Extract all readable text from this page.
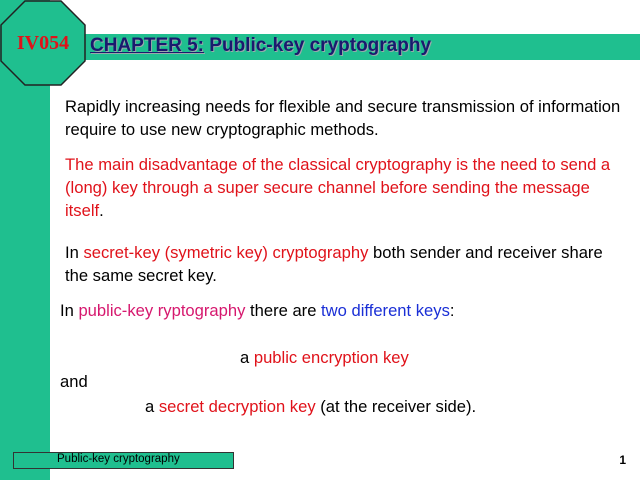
IV054	CHAPTER 5: Public-key cryptography

Rapidly increasing needs for flexible and secure transmission of information require to use new cryptographic methods.

The main disadvantage of the classical cryptography is the need to send a (long) key through a super secure channel before sending the message itself.

In secret-key (symetric key) cryptography both sender and receiver share the same secret key.

In public-key ryptography there are two different keys:

a public encryption key

and

a secret decryption key (at the receiver side).

Public-key cryptography	1
